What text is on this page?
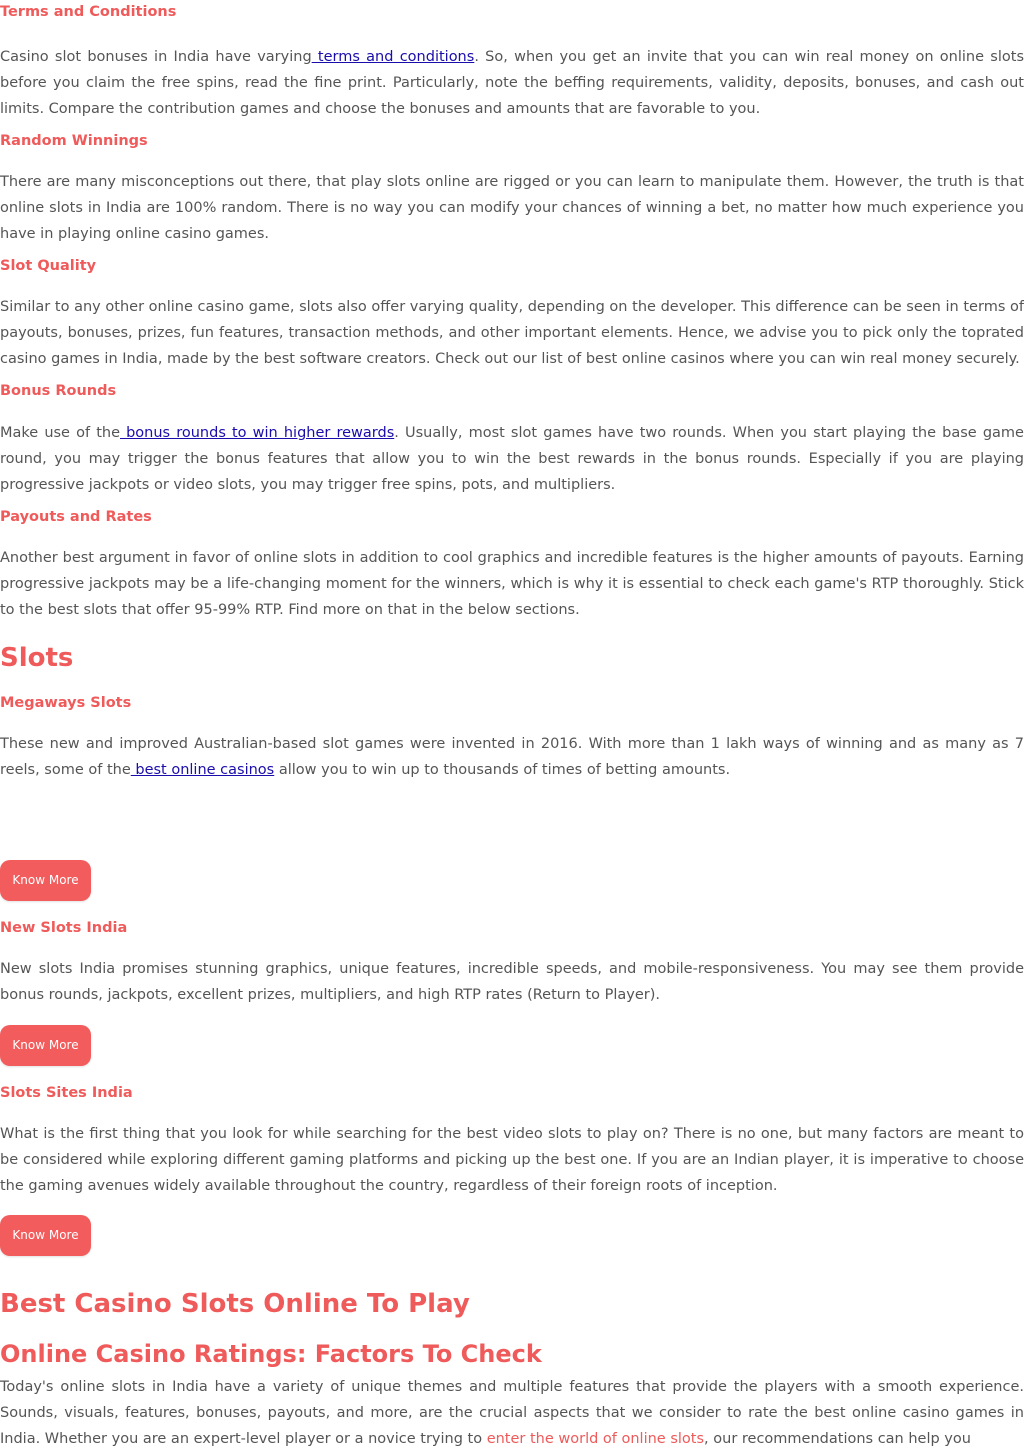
Terms and Conditions

Casino slot bonuses in India have varying terms and conditions. So, when you get an invite that you can win real money on online slots before you claim the free spins, read the fine print. Particularly, note the beffing requirements, validity, deposits, bonuses, and cash out limits. Compare the contribution games and choose the bonuses and amounts that are favorable to you.

Random Winnings

There are many misconceptions out there, that play slots online are rigged or you can learn to manipulate them. However, the truth is that online slots in India are 100% random. There is no way you can modify your chances of winning a bet, no matter how much experience you have in playing online casino games.

Slot Quality

Similar to any other online casino game, slots also offer varying quality, depending on the developer. This difference can be seen in terms of payouts, bonuses, prizes, fun features, transaction methods, and other important elements. Hence, we advise you to pick only the toprated casino games in India, made by the best software creators. Check out our list of best online casinos where you can win real money securely.

Bonus Rounds

Make use of the bonus rounds to win higher rewards. Usually, most slot games have two rounds. When you start playing the base game round, you may trigger the bonus features that allow you to win the best rewards in the bonus rounds. Especially if you are playing progressive jackpots or video slots, you may trigger free spins, pots, and multipliers.

Payouts and Rates

Another best argument in favor of online slots in addition to cool graphics and incredible features is the higher amounts of payouts. Earning progressive jackpots may be a life-changing moment for the winners, which is why it is essential to check each game's RTP thoroughly. Stick to the best slots that offer 95-99% RTP. Find more on that in the below sections.

Slots
Megaways Slots

These new and improved Australian-based slot games were invented in 2016. With more than 1 lakh ways of winning and as many as 7 reels, some of the best online casinos allow you to win up to thousands of times of betting amounts.

Know More
New Slots India

New slots India promises stunning graphics, unique features, incredible speeds, and mobile-responsiveness. You may see them provide bonus rounds, jackpots, excellent prizes, multipliers, and high RTP rates (Return to Player).

Know More
Slots Sites India

What is the first thing that you look for while searching for the best video slots to play on? There is no one, but many factors are meant to be considered while exploring different gaming platforms and picking up the best one. If you are an Indian player, it is imperative to choose the gaming avenues widely available throughout the country, regardless of their foreign roots of inception.

Know More
Best Casino Slots Online To Play
Online Casino Ratings: Factors To Check

Today's online slots in India have a variety of unique themes and multiple features that provide the players with a smooth experience. Sounds, visuals, features, bonuses, payouts, and more, are the crucial aspects that we consider to rate the best online casino games in India. Whether you are an expert-level player or a novice trying to enter the world of online slots, our recommendations can help you
